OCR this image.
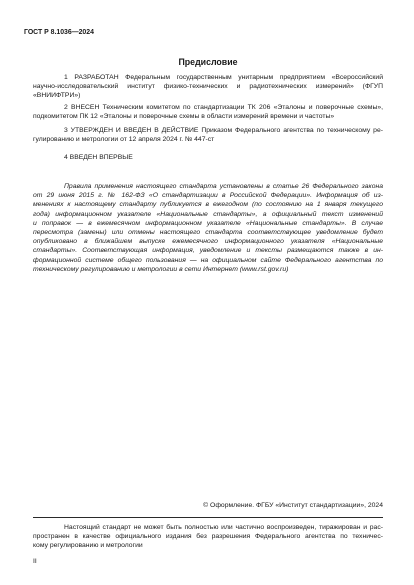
ГОСТ Р 8.1036—2024
Предисловие
1 РАЗРАБОТАН Федеральным государственным унитарным предприятием «Всероссийский
научно-исследовательский институт физико-технических и радиотехнических измерений» (ФГУП
«ВНИИФТРИ»)
2 ВНЕСЕН Техническим комитетом по стандартизации ТК 206 «Эталоны и поверочные схемы»,
подкомитетом ПК 12 «Эталоны и поверочные схемы в области измерений времени и частоты»
3 УТВЕРЖДЕН И ВВЕДЕН В ДЕЙСТВИЕ Приказом Федерального агентства по техническому ре-
гулированию и метрологии от 12 апреля 2024 г. № 447-ст
4 ВВЕДЕН ВПЕРВЫЕ
Правила применения настоящего стандарта установлены в статье 26 Федерального закона
от 29 июня 2015 г. № 162-ФЗ «О стандартизации в Российской Федерации». Информация об из-
менениях к настоящему стандарту публикуется в ежегодном (по состоянию на 1 января текущего
года) информационном указателе «Национальные стандарты», а официальный текст изменений
и поправок — в ежемесячном информационном указателе «Национальные стандарты». В случае
пересмотра (замены) или отмены настоящего стандарта соответствующее уведомление будет
опубликовано в ближайшем выпуске ежемесячного информационного указателя «Национальные
стандарты». Соответствующая информация, уведомление и тексты размещаются также в ин-
формационной системе общего пользования — на официальном сайте Федерального агентства по
техническому регулированию и метрологии в сети Интернет (www.rst.gov.ru)
© Оформление. ФГБУ «Институт стандартизации», 2024
Настоящий стандарт не может быть полностью или частично воспроизведен, тиражирован и рас-
пространен в качестве официального издания без разрешения Федерального агентства по техничес-
кому регулированию и метрологии
II
